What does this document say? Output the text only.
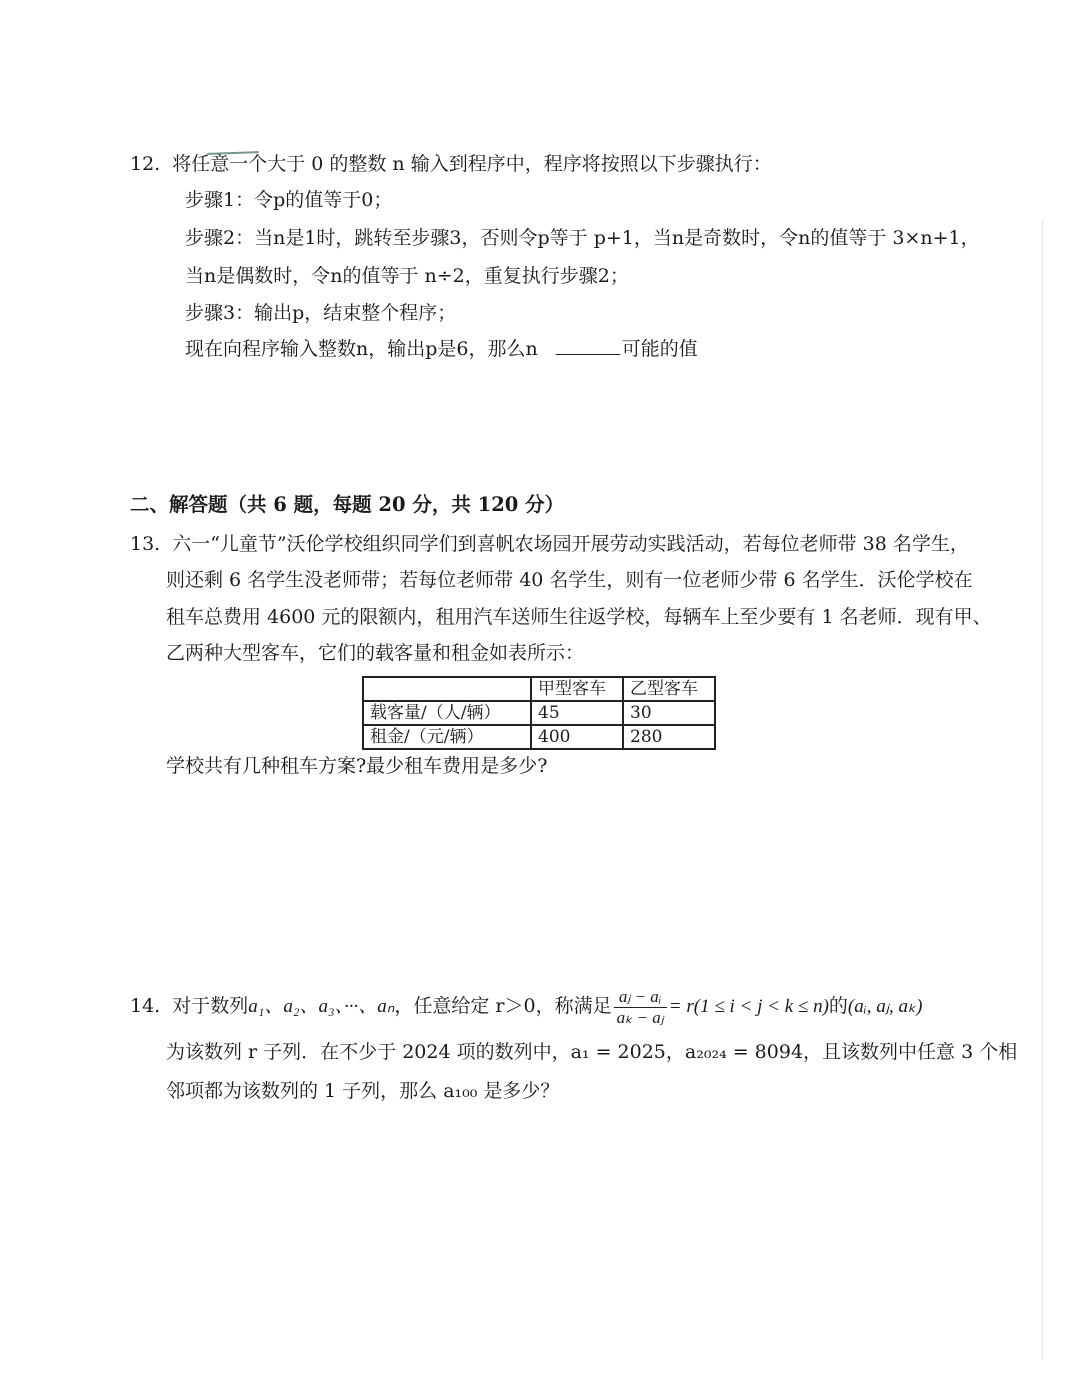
12. 将任意一个大于 0 的整数 n 输入到程序中，程序将按照以下步骤执行：
步骤1：令p的值等于0；
步骤2：当n是1时，跳转至步骤3，否则令p等于 p+1，当n是奇数时，令n的值等于 3×n+1，
当n是偶数时，令n的值等于 n÷2，重复执行步骤2；
步骤3：输出p，结束整个程序；
现在向程序输入整数n，输出p是6，那么n	可能的值
二、解答题（共 6 题，每题 20 分，共 120 分）
13. 六一“儿童节”沃伦学校组织同学们到喜帆农场园开展劳动实践活动，若每位老师带 38 名学生，
则还剩 6 名学生没老师带；若每位老师带 40 名学生，则有一位老师少带 6 名学生．沃伦学校在
租车总费用 4600 元的限额内，租用汽车送师生往返学校，每辆车上至少要有 1 名老师．现有甲、
乙两种大型客车，它们的载客量和租金如表所示：
	甲型客车	乙型客车
载客量/（人/辆）	45	30
租金/（元/辆）	400	280
学校共有几种租车方案?最少租车费用是多少?
14. 对于数列a₁、a₂、a₃、···、aₙ，任意给定 r＞0，称满足 $\frac{\text{aⱼ − aᵢ}}{\text{aₖ − aⱼ}} = r(1 \le i < j < k \le n)$的(aᵢ, aⱼ, aₖ)
为该数列 r 子列．在不少于 2024 项的数列中，a₁ = 2025，a₂₀₂₄ = 8094，且该数列中任意 3 个相
邻项都为该数列的 1 子列，那么 a₁₀₀ 是多少？
